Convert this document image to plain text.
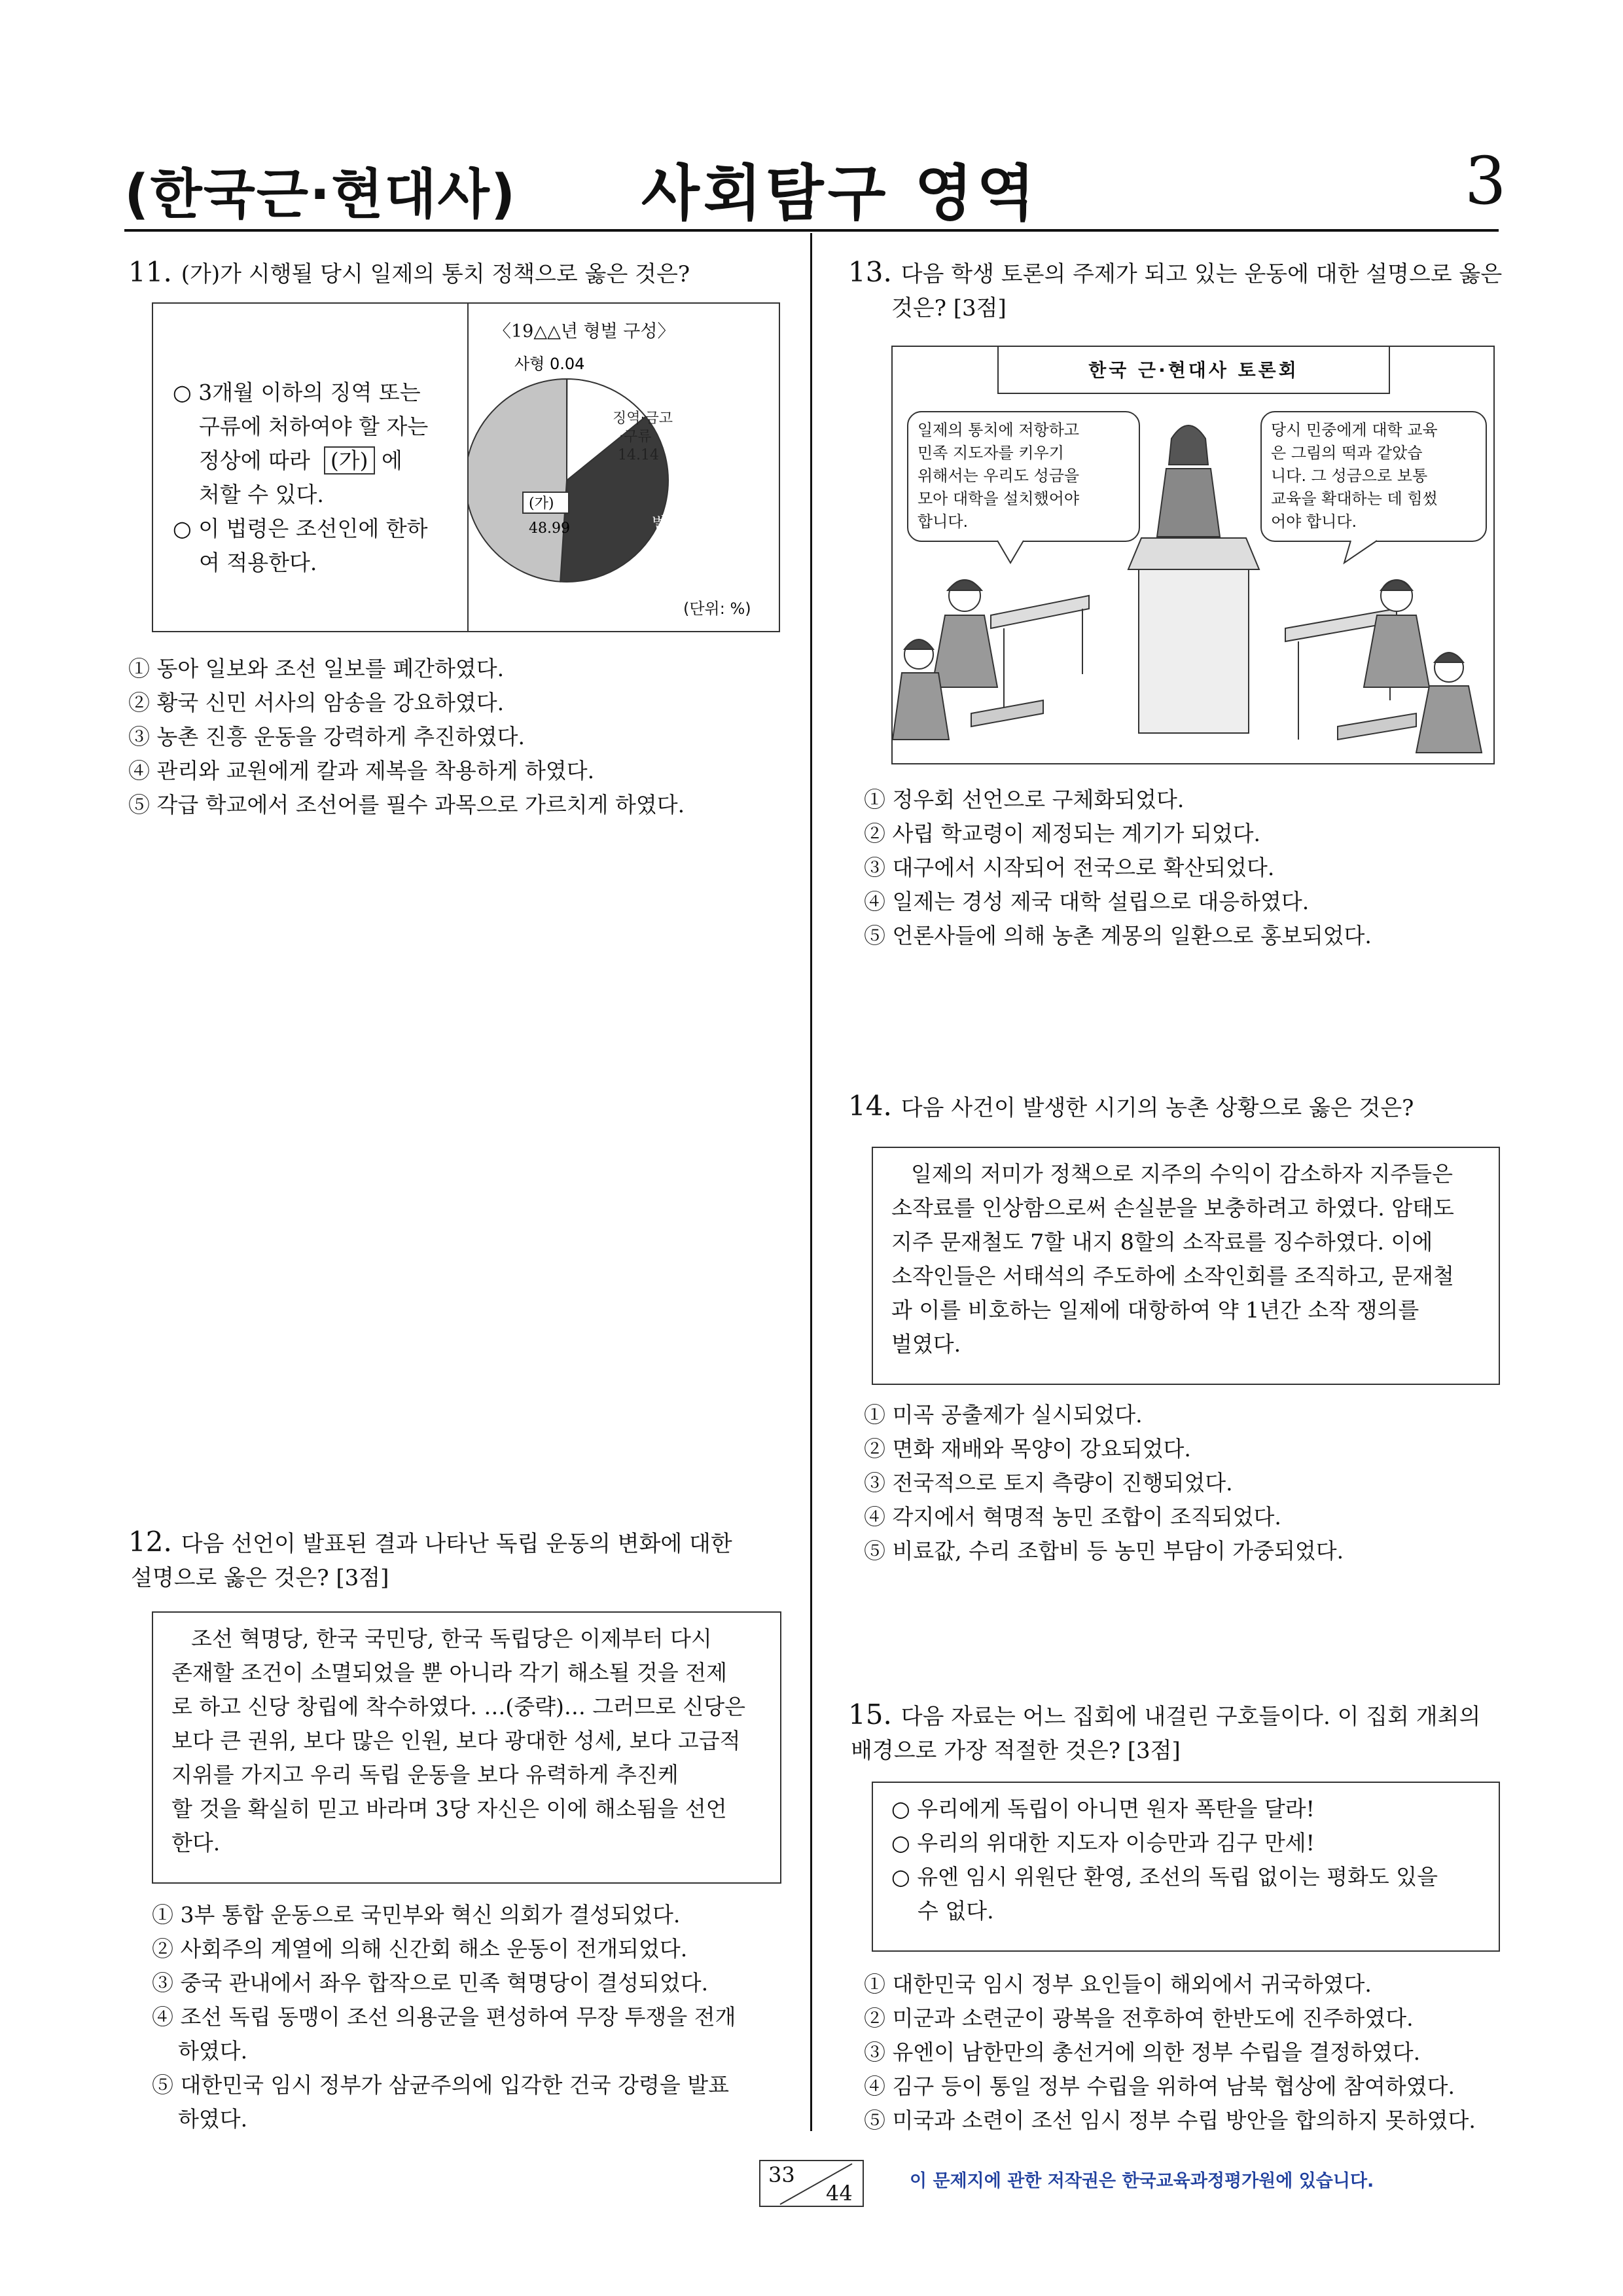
(한국근·현대사) 사회탐구 영역	3
11. (가)가 시행될 당시 일제의 통치 정책으로 옳은 것은?
○ 3개월 이하의 징역 또는
구류에 처하여야 할 자는
정상에 따라 (가) 에
처할 수 있다.
○ 이 법령은 조선인에 한하
여 적용한다.
〈19△△년 형벌 구성〉
사형 0.04
징역·금고
·구류
14.14
벌금·과료
36.83
(가)
48.99
(단위: %)
① 동아 일보와 조선 일보를 폐간하였다.
② 황국 신민 서사의 암송을 강요하였다.
③ 농촌 진흥 운동을 강력하게 추진하였다.
④ 관리와 교원에게 칼과 제복을 착용하게 하였다.
⑤ 각급 학교에서 조선어를 필수 과목으로 가르치게 하였다.
12. 다음 선언이 발표된 결과 나타난 독립 운동의 변화에 대한
설명으로 옳은 것은? [3점]
조선 혁명당, 한국 국민당, 한국 독립당은 이제부터 다시
존재할 조건이 소멸되었을 뿐 아니라 각기 해소될 것을 전제
로 하고 신당 창립에 착수하였다. …(중략)… 그러므로 신당은
보다 큰 권위, 보다 많은 인원, 보다 광대한 성세, 보다 고급적
지위를 가지고 우리 독립 운동을 보다 유력하게 추진케
할 것을 확실히 믿고 바라며 3당 자신은 이에 해소됨을 선언
한다.
① 3부 통합 운동으로 국민부와 혁신 의회가 결성되었다.
② 사회주의 계열에 의해 신간회 해소 운동이 전개되었다.
③ 중국 관내에서 좌우 합작으로 민족 혁명당이 결성되었다.
④ 조선 독립 동맹이 조선 의용군을 편성하여 무장 투쟁을 전개
하였다.
⑤ 대한민국 임시 정부가 삼균주의에 입각한 건국 강령을 발표
하였다.
13. 다음 학생 토론의 주제가 되고 있는 운동에 대한 설명으로 옳은
것은? [3점]
한국 근·현대사 토론회
일제의 통치에 저항하고
민족 지도자를 키우기
위해서는 우리도 성금을
모아 대학을 설치했어야
합니다.
당시 민중에게 대학 교육
은 그림의 떡과 같았습
니다. 그 성금으로 보통
교육을 확대하는 데 힘썼
어야 합니다.
① 정우회 선언으로 구체화되었다.
② 사립 학교령이 제정되는 계기가 되었다.
③ 대구에서 시작되어 전국으로 확산되었다.
④ 일제는 경성 제국 대학 설립으로 대응하였다.
⑤ 언론사들에 의해 농촌 계몽의 일환으로 홍보되었다.
14. 다음 사건이 발생한 시기의 농촌 상황으로 옳은 것은?
일제의 저미가 정책으로 지주의 수익이 감소하자 지주들은
소작료를 인상함으로써 손실분을 보충하려고 하였다. 암태도
지주 문재철도 7할 내지 8할의 소작료를 징수하였다. 이에
소작인들은 서태석의 주도하에 소작인회를 조직하고, 문재철
과 이를 비호하는 일제에 대항하여 약 1년간 소작 쟁의를
벌였다.
① 미곡 공출제가 실시되었다.
② 면화 재배와 목양이 강요되었다.
③ 전국적으로 토지 측량이 진행되었다.
④ 각지에서 혁명적 농민 조합이 조직되었다.
⑤ 비료값, 수리 조합비 등 농민 부담이 가중되었다.
15. 다음 자료는 어느 집회에 내걸린 구호들이다. 이 집회 개최의
배경으로 가장 적절한 것은? [3점]
○ 우리에게 독립이 아니면 원자 폭탄을 달라!
○ 우리의 위대한 지도자 이승만과 김구 만세!
○ 유엔 임시 위원단 환영, 조선의 독립 없이는 평화도 있을
수 없다.
① 대한민국 임시 정부 요인들이 해외에서 귀국하였다.
② 미군과 소련군이 광복을 전후하여 한반도에 진주하였다.
③ 유엔이 남한만의 총선거에 의한 정부 수립을 결정하였다.
④ 김구 등이 통일 정부 수립을 위하여 남북 협상에 참여하였다.
⑤ 미국과 소련이 조선 임시 정부 수립 방안을 합의하지 못하였다.
33
44	이 문제지에 관한 저작권은 한국교육과정평가원에 있습니다.
